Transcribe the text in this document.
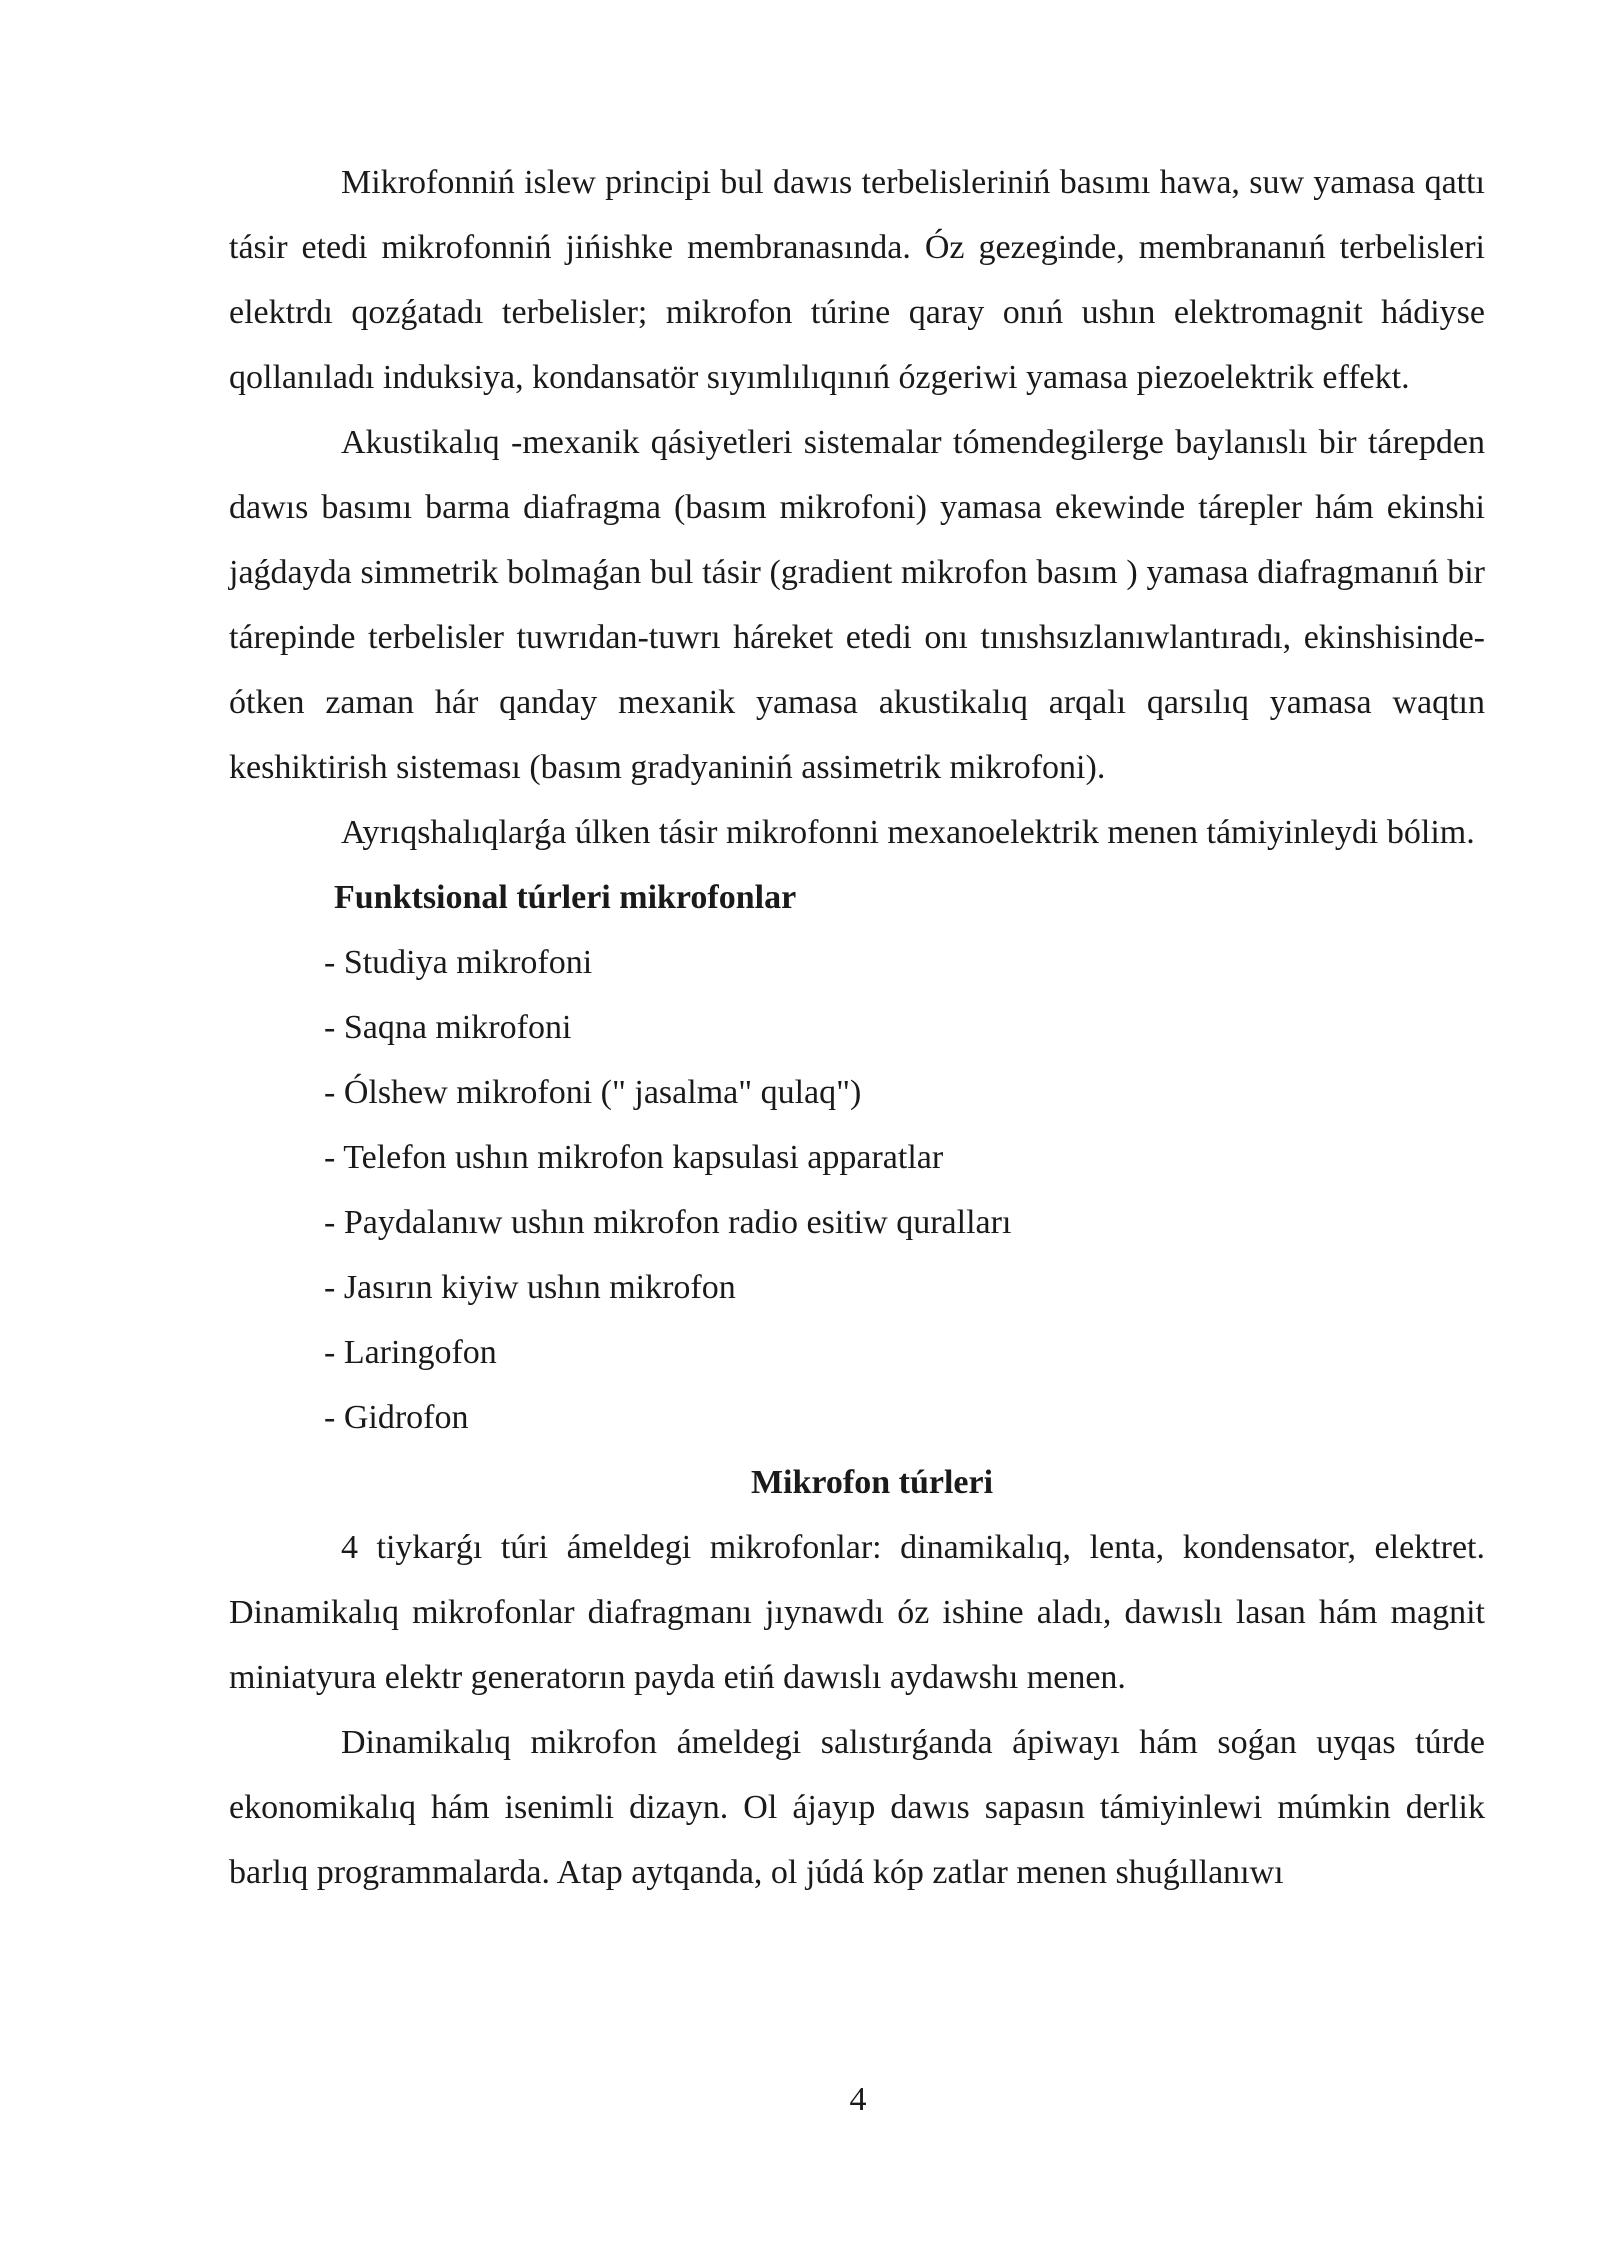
Mikrofonniń islew principi bul dawıs terbelisleriniń basımı hawa, suw yamasa qattı tásir etedi mikrofonniń jińishke membranasında. Óz gezeginde, membrananıń terbelisleri elektrdı qozǵatadı terbelisler; mikrofon túrine qaray onıń ushın elektromagnit hádiyse qollanıladı induksiya, kondansatör sıyımlılıqınıń ózgeriwi yamasa piezoelektrik effekt.

Akustikalıq -mexanik qásiyetleri sistemalar tómendegilerge baylanıslı bir tárepden dawıs basımı barma diafragma (basım mikrofoni) yamasa ekewinde tárepler hám ekinshi jaǵdayda simmetrik bolmaǵan bul tásir (gradient mikrofon basım ) yamasa diafragmanıń bir tárepinde terbelisler tuwrıdan-tuwrı háreket etedi onı tınıshsızlanıwlantıradı, ekinshisinde-ótken zaman hár qanday mexanik yamasa akustikalıq arqalı qarsılıq yamasa waqtın keshiktirish sisteması (basım gradyaniniń assimetrik mikrofoni).

Ayrıqshalıqlarǵa úlken tásir mikrofonni mexanoelektrik menen támiyinleydi bólim.

Funktsional túrleri mikrofonlar

- Studiya mikrofoni
- Saqna mikrofoni
- Ólshew mikrofoni (" jasalma" qulaq")
- Telefon ushın mikrofon kapsulasi apparatlar
- Paydalanıw ushın mikrofon radio esitiw quralları
- Jasırın kiyiw ushın mikrofon
- Laringofon
- Gidrofon

Mikrofon túrleri

4 tiykarǵı túri ámeldegi mikrofonlar: dinamikalıq, lenta, kondensator, elektret. Dinamikalıq mikrofonlar diafragmanı jıynawdı óz ishine aladı, dawıslı lasan hám magnit miniatyura elektr generatorın payda etiń dawıslı aydawshı menen.

Dinamikalıq mikrofon ámeldegi salıstırǵanda ápiwayı hám soǵan uyqas túrde ekonomikalıq hám isenimli dizayn. Ol ájayıp dawıs sapasın támiyinlewi múmkin derlik barlıq programmalarda. Atap aytqanda, ol júdá kóp zatlar menen shuǵıllanıwı

4
